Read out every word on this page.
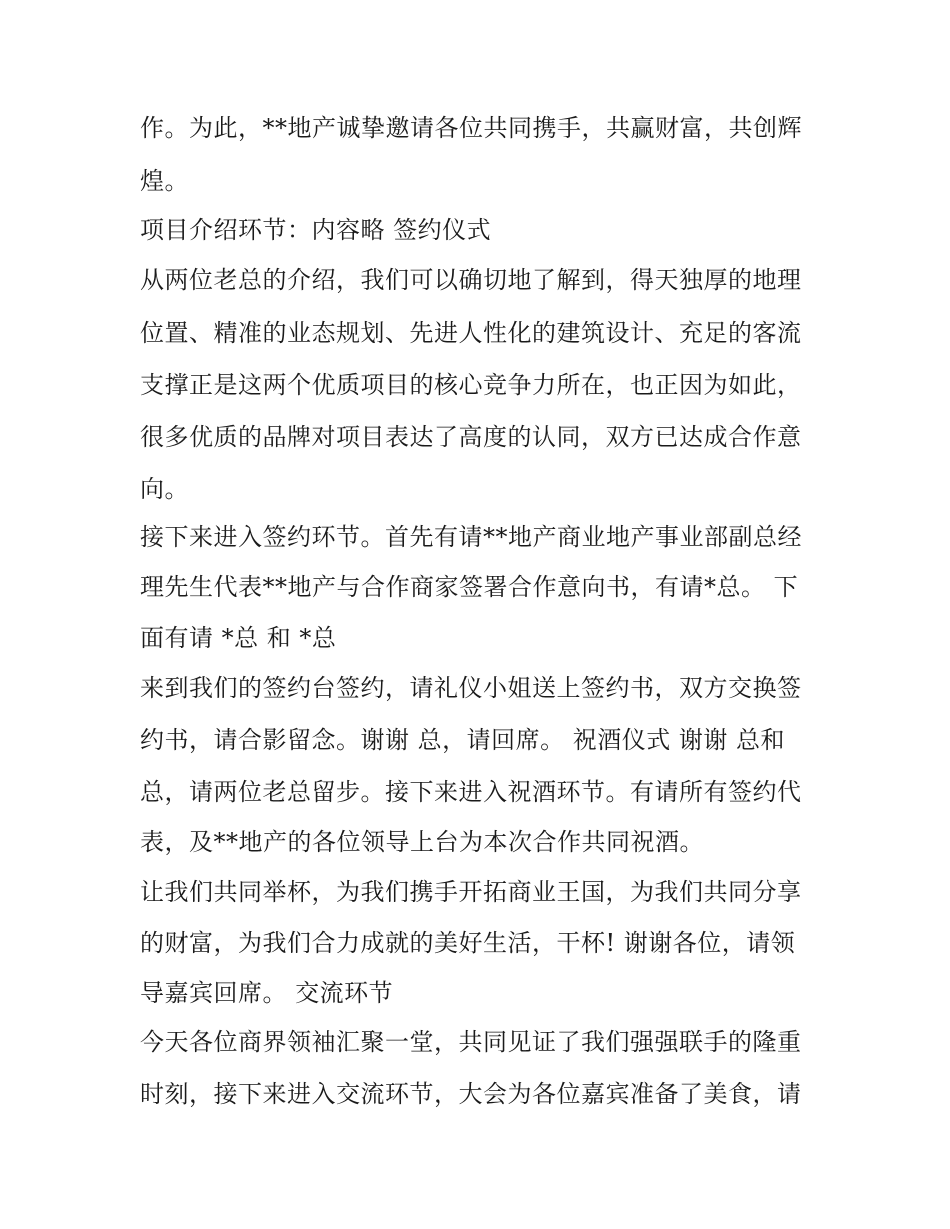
作。为此，**地产诚挚邀请各位共同携手，共赢财富，共创辉
煌。
项目介绍环节：内容略 签约仪式
从两位老总的介绍，我们可以确切地了解到，得天独厚的地理
位置、精准的业态规划、先进人性化的建筑设计、充足的客流
支撑正是这两个优质项目的核心竞争力所在，也正因为如此，
很多优质的品牌对项目表达了高度的认同，双方已达成合作意
向。
接下来进入签约环节。首先有请**地产商业地产事业部副总经
理先生代表**地产与合作商家签署合作意向书，有请*总。 下
面有请 *总 和 *总
来到我们的签约台签约，请礼仪小姐送上签约书，双方交换签
约书，请合影留念。谢谢 总，请回席。 祝酒仪式 谢谢 总和
总，请两位老总留步。接下来进入祝酒环节。有请所有签约代
表，及**地产的各位领导上台为本次合作共同祝酒。
让我们共同举杯，为我们携手开拓商业王国，为我们共同分享
的财富，为我们合力成就的美好生活，干杯! 谢谢各位，请领
导嘉宾回席。 交流环节
今天各位商界领袖汇聚一堂，共同见证了我们强强联手的隆重
时刻，接下来进入交流环节，大会为各位嘉宾准备了美食，请
